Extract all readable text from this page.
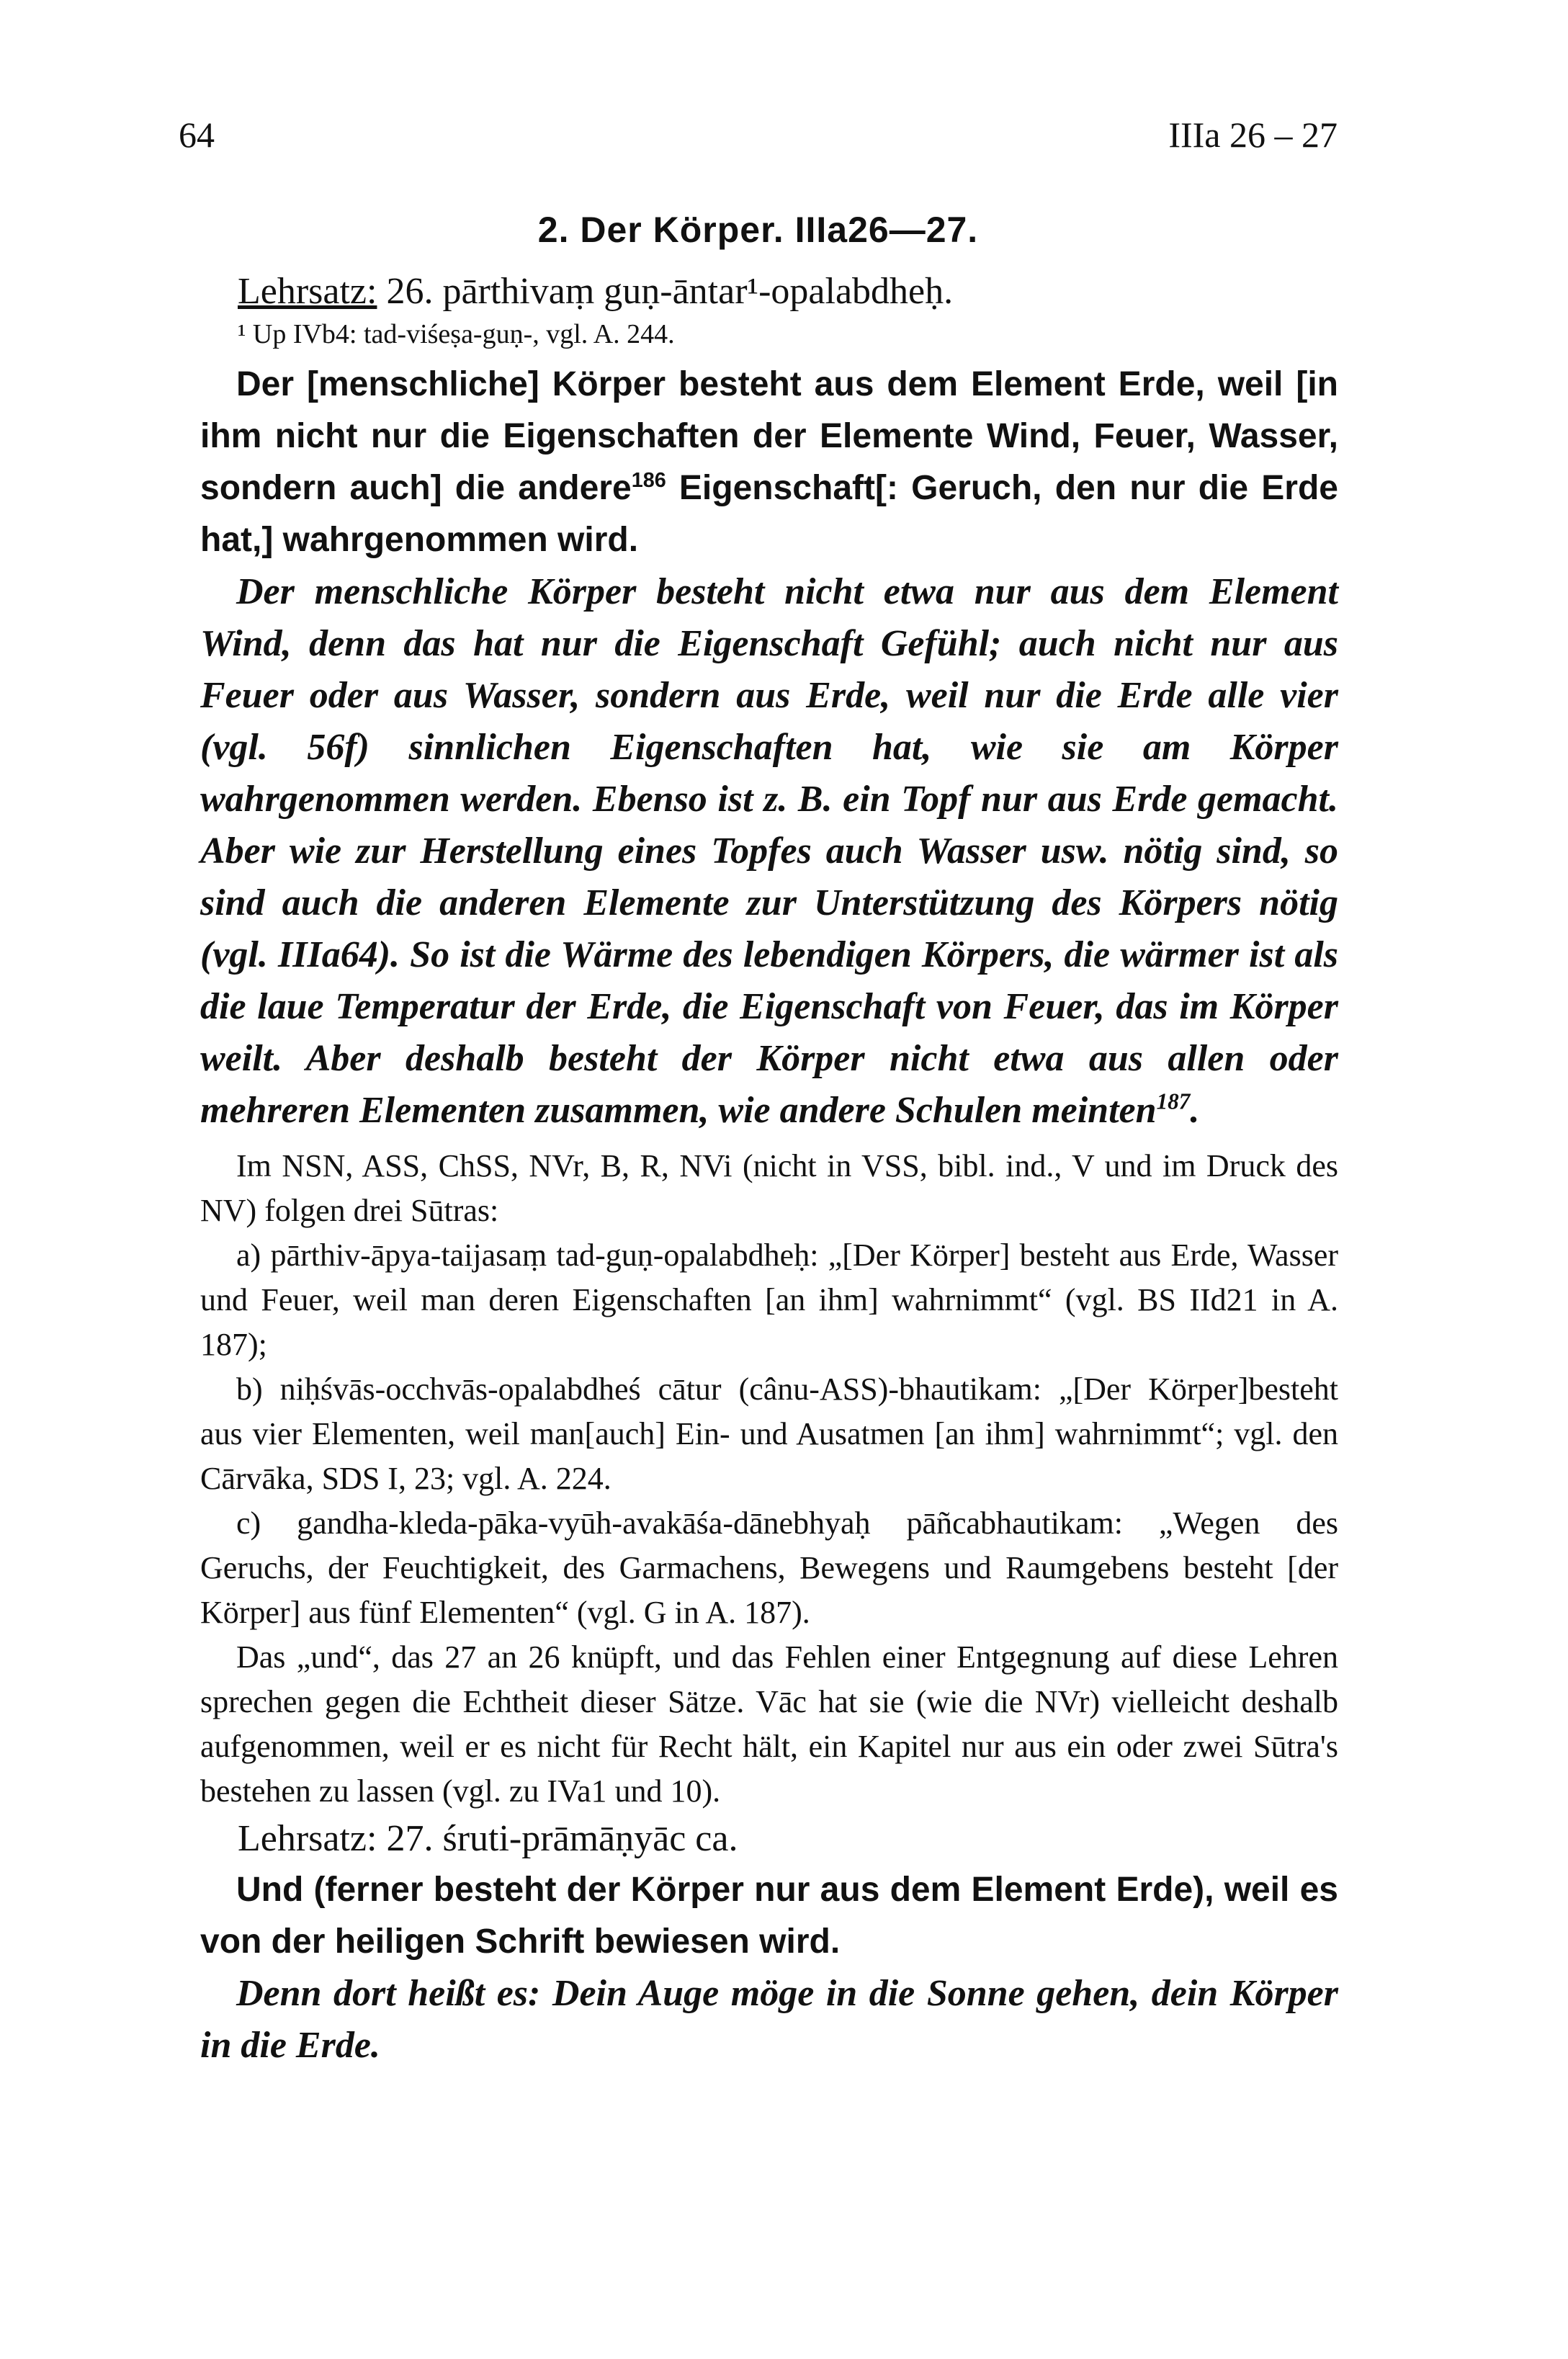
64	IIIa 26 – 27
2. Der Körper. IIIa26—27.

Lehrsatz: 26. pārthivaṃ guṇ-āntar¹-opalabdheḥ.

¹ Up IVb4: tad-viśeṣa-guṇ-, vgl. A. 244.

Der [menschliche] Körper besteht aus dem Element Erde, weil [in ihm nicht nur die Eigenschaften der Elemente Wind, Feuer, Wasser, sondern auch] die andere$^{186}$ Eigenschaft[: Geruch, den nur die Erde hat,] wahrgenommen wird.

Der menschliche Körper besteht nicht etwa nur aus dem Element Wind, denn das hat nur die Eigenschaft Gefühl; auch nicht nur aus Feuer oder aus Wasser, sondern aus Erde, weil nur die Erde alle vier (vgl. 56f) sinnlichen Eigenschaften hat, wie sie am Körper wahrgenommen werden. Ebenso ist z. B. ein Topf nur aus Erde gemacht. Aber wie zur Herstellung eines Topfes auch Wasser usw. nötig sind, so sind auch die anderen Elemente zur Unterstützung des Körpers nötig (vgl. IIIa64). So ist die Wärme des lebendigen Körpers, die wärmer ist als die laue Temperatur der Erde, die Eigenschaft von Feuer, das im Körper weilt. Aber deshalb besteht der Körper nicht etwa aus allen oder mehreren Elementen zusammen, wie andere Schulen meinten$^{187}$.

Im NSN, ASS, ChSS, NVr, B, R, NVi (nicht in VSS, bibl. ind., V und im Druck des NV) folgen drei Sūtras:

a) pārthiv-āpya-taijasaṃ tad-guṇ-opalabdheḥ: „[Der Körper] besteht aus Erde, Wasser und Feuer, weil man deren Eigenschaften [an ihm] wahrnimmt“ (vgl. BS IId21 in A. 187);

b) niḥśvās-occhvās-opalabdheś cātur (cânu-ASS)-bhautikam: „[Der Körper]besteht aus vier Elementen, weil man[auch] Ein- und Ausatmen [an ihm] wahrnimmt“; vgl. den Cārvāka, SDS I, 23; vgl. A. 224.

c) gandha-kleda-pāka-vyūh-avakāśa-dānebhyaḥ pāñcabhautikam: „Wegen des Geruchs, der Feuchtigkeit, des Garmachens, Bewegens und Raumgebens besteht [der Körper] aus fünf Elementen“ (vgl. G in A. 187).

Das „und“, das 27 an 26 knüpft, und das Fehlen einer Entgegnung auf diese Lehren sprechen gegen die Echtheit dieser Sätze. Vāc hat sie (wie die NVr) vielleicht deshalb aufgenommen, weil er es nicht für Recht hält, ein Kapitel nur aus ein oder zwei Sūtra's bestehen zu lassen (vgl. zu IVa1 und 10).

Lehrsatz: 27. śruti-prāmāṇyāc ca.

Und (ferner besteht der Körper nur aus dem Element Erde), weil es von der heiligen Schrift bewiesen wird.

Denn dort heißt es: Dein Auge möge in die Sonne gehen, dein Körper in die Erde.
